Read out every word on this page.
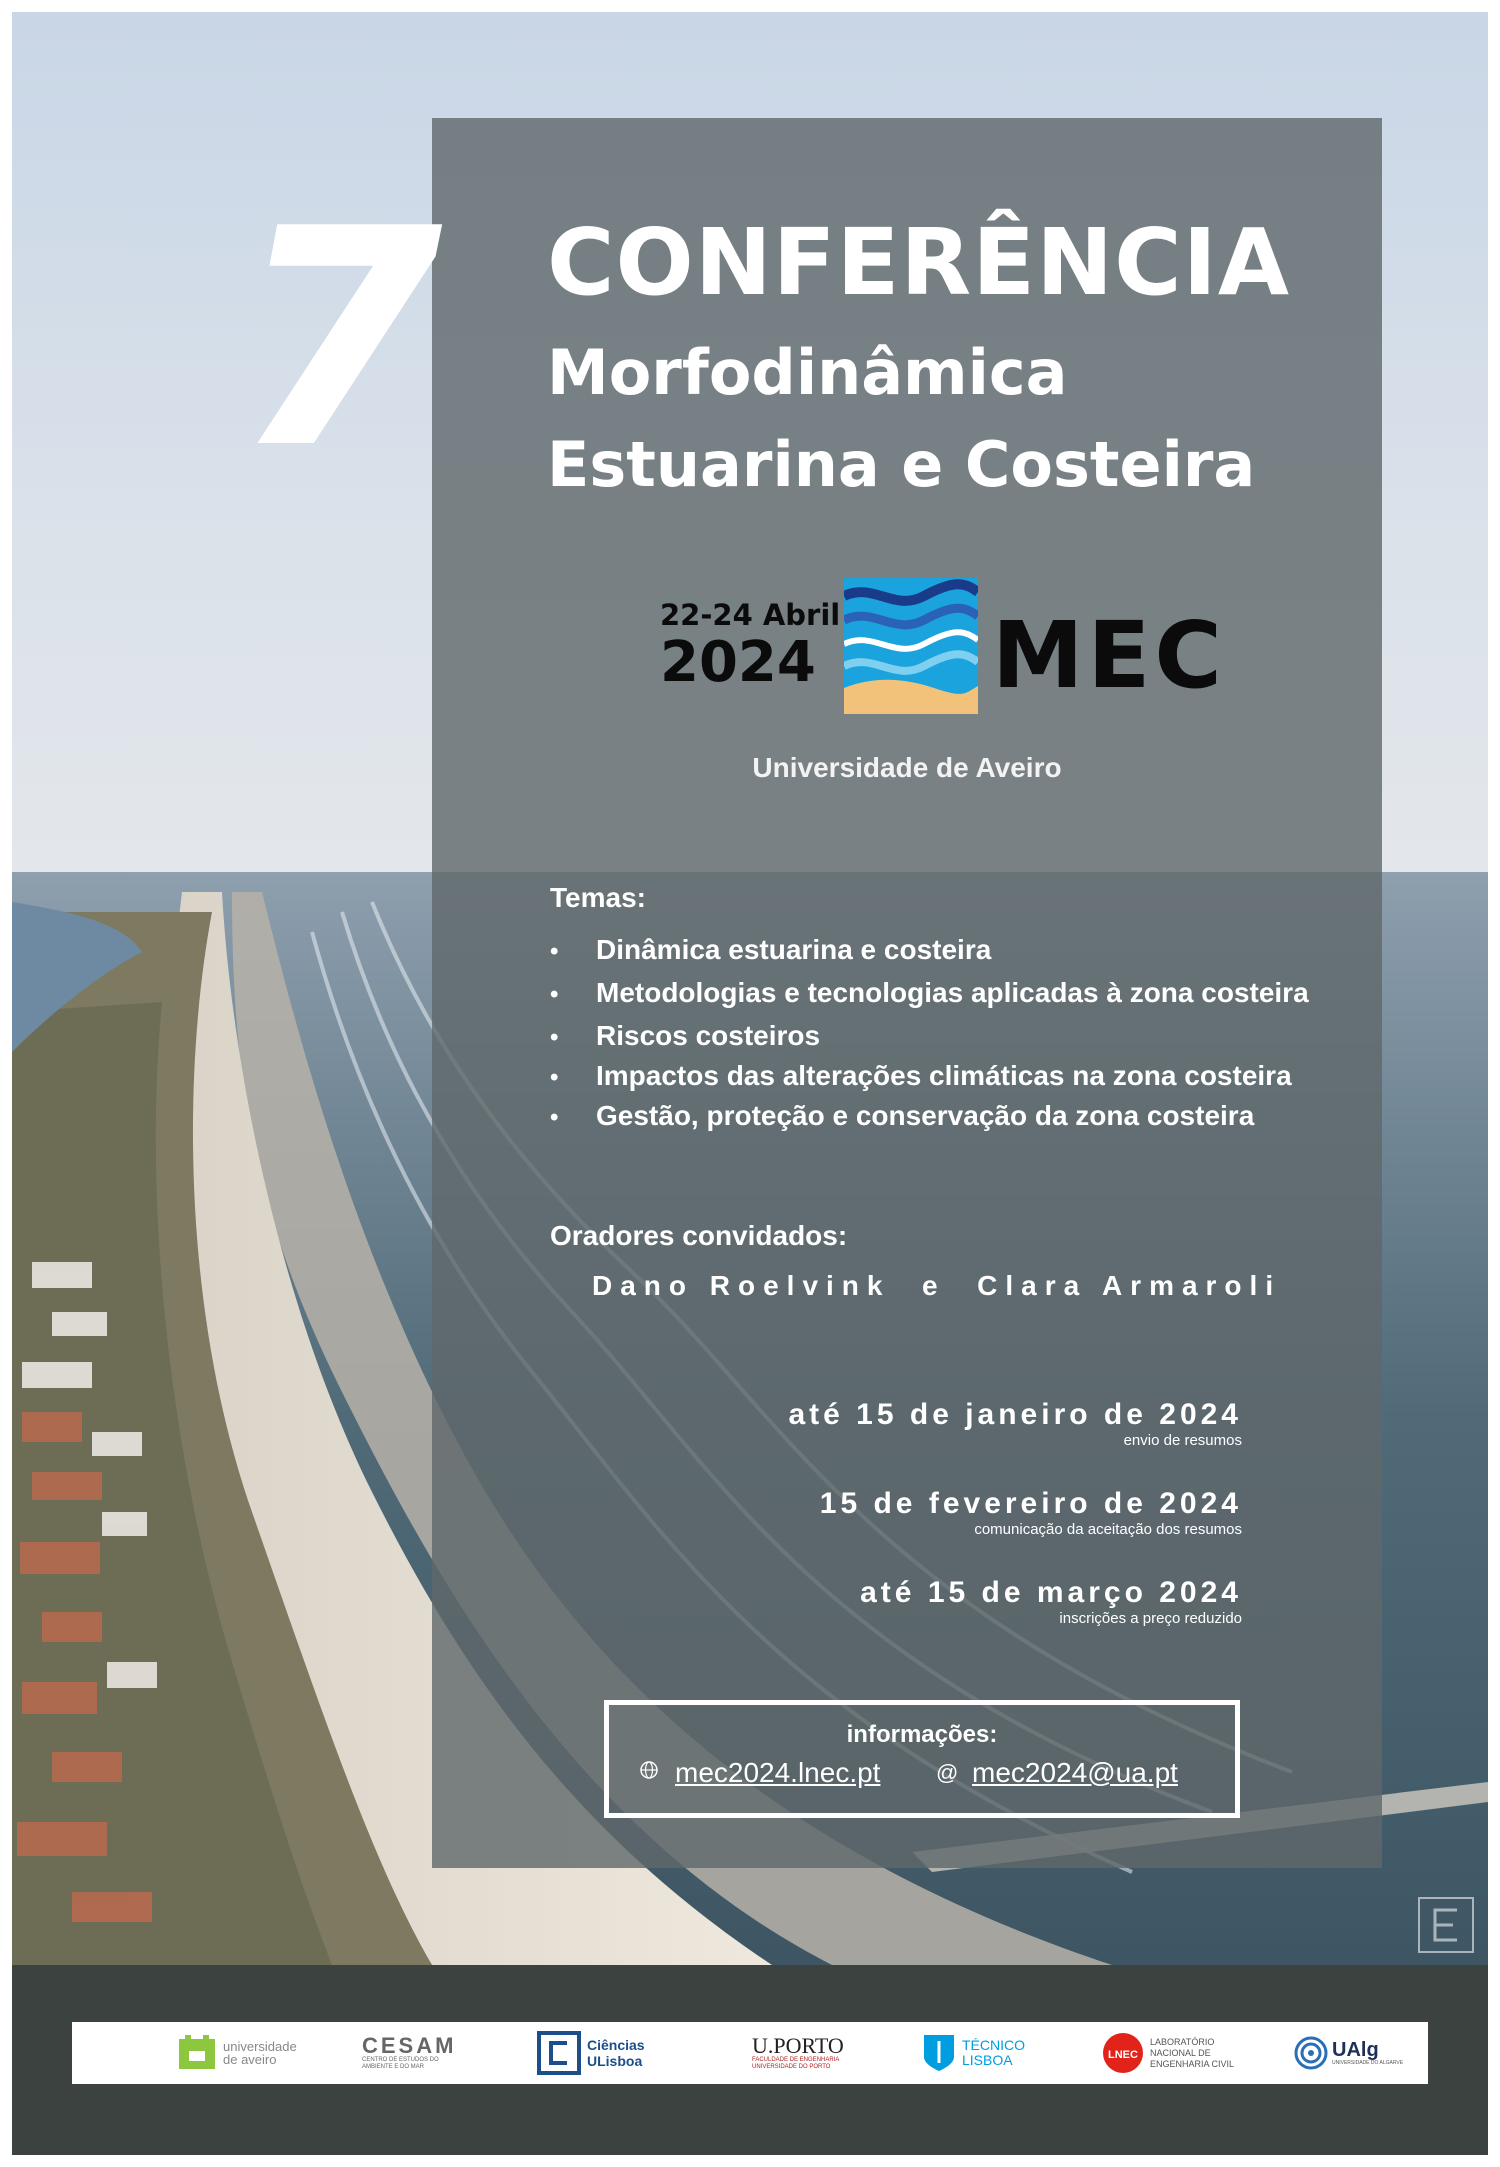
7 CONFERÊNCIA
Morfodinâmica
Estuarina e Costeira
22-24 Abril
2024 MEC
Universidade de Aveiro
Temas:
• Dinâmica estuarina e costeira
• Metodologias e tecnologias aplicadas à zona costeira
• Riscos costeiros
• Impactos das alterações climáticas na zona costeira
• Gestão, proteção e conservação da zona costeira
Oradores convidados:
Dano Roelvink  e  Clara Armaroli
até 15 de janeiro de 2024
envio de resumos
15 de fevereiro de 2024
comunicação da aceitação dos resumos
até 15 de março 2024
inscrições a preço reduzido
informações:
mec2024.lnec.pt	@ mec2024@ua.pt
universidade
de aveiro
CESAM
CENTRO DE ESTUDOS DO AMBIENTE E DO MAR
Ciências ULisboa
U.PORTO
FACULDADE DE ENGENHARIA UNIVERSIDADE DO PORTO
TÉCNICO LISBOA	LNEC
LABORATÓRIO NACIONAL DE ENGENHARIA CIVIL
UAlg
UNIVERSIDADE DO ALGARVE
